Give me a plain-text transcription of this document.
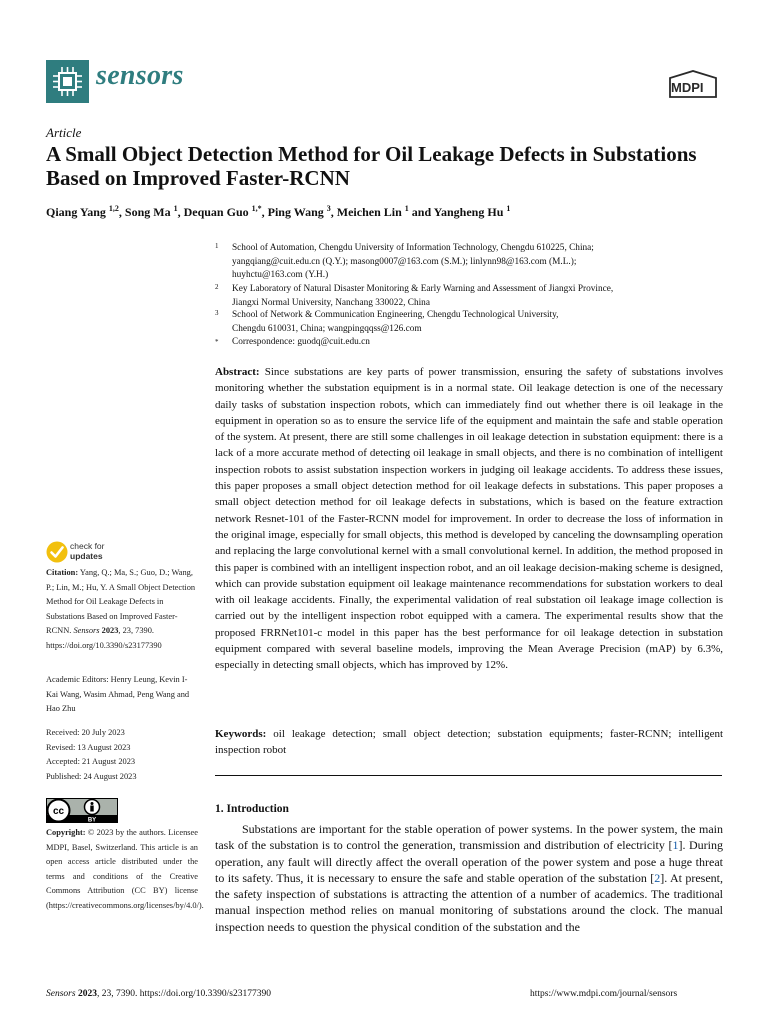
sensors	MDPI
Article
A Small Object Detection Method for Oil Leakage Defects in Substations Based on Improved Faster-RCNN
Qiang Yang $^{1,2}$, Song Ma $^1$, Dequan Guo $^{1,*}$, Ping Wang $^3$, Meichen Lin $^1$ and Yangheng Hu $^1$
1 School of Automation, Chengdu University of Information Technology, Chengdu 610225, China;
yangqiang@cuit.edu.cn (Q.Y.); masong0007@163.com (S.M.); linlynn98@163.com (M.L.);
huyhctu@163.com (Y.H.)
2 Key Laboratory of Natural Disaster Monitoring & Early Warning and Assessment of Jiangxi Province,
Jiangxi Normal University, Nanchang 330022, China
3 School of Network & Communication Engineering, Chengdu Technological University,
Chengdu 610031, China; wangpingqqss@126.com
* Correspondence: guodq@cuit.edu.cn
Abstract: Since substations are key parts of power transmission, ensuring the safety of substations involves monitoring whether the substation equipment is in a normal state. Oil leakage detection is one of the necessary daily tasks of substation inspection robots, which can immediately find out whether there is oil leakage in the equipment in operation so as to ensure the service life of the equipment and maintain the safe and stable operation of the system. At present, there are still some challenges in oil leakage detection in substation equipment: there is a lack of a more accurate method of detecting oil leakage in small objects, and there is no combination of intelligent inspection robots to assist substation inspection workers in judging oil leakage accidents. To address these issues, this paper proposes a small object detection method for oil leakage defects in substations. This paper proposes a small object detection method for oil leakage defects in substations, which is based on the feature extraction network Resnet-101 of the Faster-RCNN model for improvement. In order to decrease the loss of information in the original image, especially for small objects, this method is developed by canceling the downsampling operation and replacing the large convolutional kernel with a small convolutional kernel. In addition, the method proposed in this paper is combined with an intelligent inspection robot, and an oil leakage decision-making scheme is designed, which can provide substation equipment oil leakage maintenance recommendations for substation workers to deal with oil leakage accidents. Finally, the experimental validation of real substation oil leakage image collection is carried out by the intelligent inspection robot equipped with a camera. The experimental results show that the proposed FRRNet101-c model in this paper has the best performance for oil leakage detection in substation equipment compared with several baseline models, improving the Mean Average Precision (mAP) by 6.3%, especially in detecting small objects, which has improved by 12%.
Keywords: oil leakage detection; small object detection; substation equipments; faster-RCNN; intelligent inspection robot
1. Introduction
Substations are important for the stable operation of power systems. In the power system, the main task of the substation is to control the generation, transmission and distribution of electricity [1]. During operation, any fault will directly affect the overall operation of the power system and pose a huge threat to its safety. Thus, it is necessary to ensure the safe and stable operation of the substation [2]. At present, the safety inspection of substations is attracting the attention of a number of academics. The traditional manual inspection method relies on manual monitoring of substations around the clock. The manual inspection needs to question the physical condition of the substation and the
check for
updates
Citation: Yang, Q.; Ma, S.; Guo, D.; Wang, P.; Lin, M.; Hu, Y. A Small Object Detection Method for Oil Leakage Defects in Substations Based on Improved Faster-RCNN. Sensors 2023, 23, 7390. https://doi.org/10.3390/s23177390
Academic Editors: Henry Leung, Kevin I-Kai Wang, Wasim Ahmad, Peng Wang and Hao Zhu
Received: 20 July 2023
Revised: 13 August 2023
Accepted: 21 August 2023
Published: 24 August 2023
cc
BY
Copyright: © 2023 by the authors. Licensee MDPI, Basel, Switzerland. This article is an open access article distributed under the terms and conditions of the Creative Commons Attribution (CC BY) license (https://creativecommons.org/licenses/by/4.0/).
Sensors 2023, 23, 7390. https://doi.org/10.3390/s23177390	https://www.mdpi.com/journal/sensors
